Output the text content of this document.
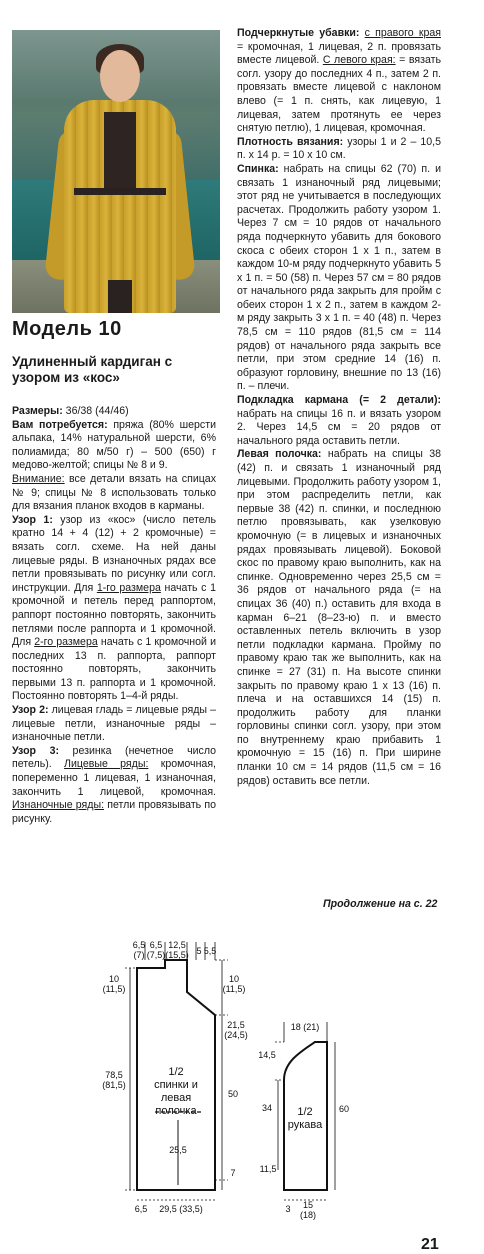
Модель 10
Удлиненный кардиган с узором из «кос»

Размеры: 36/38 (44/46)

Вам потребуется: пряжа (80% шерсти альпака, 14% натуральной шерсти, 6% полиамида; 80 м/50 г) – 500 (650) г медово-желтой; спицы № 8 и 9.

Внимание: все детали вязать на спицах № 9; спицы № 8 использовать только для вязания планок входов в карманы.

Узор 1: узор из «кос» (число петель кратно 14 + 4 (12) + 2 кромочные) = вязать согл. схеме. На ней даны лицевые ряды. В изнаночных рядах все петли провязывать по рисунку или согл. инструкции. Для 1-го размера начать с 1 кромочной и петель перед раппортом, раппорт постоянно повторять, закончить петлями после раппорта и 1 кромочной. Для 2-го размера начать с 1 кромочной и последних 13 п. раппорта, раппорт постоянно повторять, закончить первыми 13 п. раппорта и 1 кромочной. Постоянно повторять 1–4-й ряды.

Узор 2: лицевая гладь = лицевые ряды – лицевые петли, изнаночные ряды – изнаночные петли.

Узор 3: резинка (нечетное число петель). Лицевые ряды: кромочная, попеременно 1 лицевая, 1 изнаночная, закончить 1 лицевой, кромочная. Изнаночные ряды: петли провязывать по рисунку.

Подчеркнутые убавки: с правого края = кромочная, 1 лицевая, 2 п. провязать вместе лицевой. С левого края: = вязать согл. узору до последних 4 п., затем 2 п. провязать вместе лицевой с наклоном влево (= 1 п. снять, как лицевую, 1 лицевая, затем протянуть ее через снятую петлю), 1 лицевая, кромочная.

Плотность вязания: узоры 1 и 2 – 10,5 п. х 14 р. = 10 х 10 см.

Спинка: набрать на спицы 62 (70) п. и связать 1 изнаночный ряд лицевыми; этот ряд не учитывается в последующих расчетах. Продолжить работу узором 1. Через 7 см = 10 рядов от начального ряда подчеркнуто убавить для бокового скоса с обеих сторон 1 х 1 п., затем в каждом 10-м ряду подчеркнуто убавить 5 х 1 п. = 50 (58) п. Через 57 см = 80 рядов от начального ряда закрыть для пройм с обеих сторон 1 х 2 п., затем в каждом 2-м ряду закрыть 3 х 1 п. = 40 (48) п. Через 78,5 см = 110 рядов (81,5 см = 114 рядов) от начального ряда закрыть все петли, при этом средние 14 (16) п. образуют горловину, внешние по 13 (16) п. – плечи.

Подкладка кармана (= 2 детали): набрать на спицы 16 п. и вязать узором 2. Через 14,5 см = 20 рядов от начального ряда оставить петли.

Левая полочка: набрать на спицы 38 (42) п. и связать 1 изнаночный ряд лицевыми. Продолжить работу узором 1, при этом распределить петли, как первые 38 (42) п. спинки, и последнюю петлю провязывать, как узелковую кромочную (= в лицевых и изнаночных рядах провязывать лицевой). Боковой скос по правому краю выполнить, как на спинке. Одновременно через 25,5 см = 36 рядов от начального ряда (= на спицах 36 (40) п.) оставить для входа в карман 6–21 (8–23-ю) п. и вместо оставленных петель включить в узор петли подкладки кармана. Пройму по правому краю так же выполнить, как на спинке = 27 (31) п. На высоте спинки закрыть по правому краю 1 х 13 (16) п. плеча и на оставшихся 14 (15) п. продолжить работу для планки горловины спинки согл. узору, при этом по внутреннему краю прибавить 1 кромочную = 15 (16) п. При ширине планки 10 см = 14 рядов (11,5 см = 16 рядов) оставить все петли.

Продолжение на с. 22
1/2
спинки и
левая
полочка	1/2
рукава
6,5
(7)
6,5
(7,5)
12,5
(15,5) 5 5,5
10
(11,5)
78,5
(81,5)
10
(11,5)
21,5
(24,5)
50
7
25,5
6,5 29,5 (33,5)
18 (21)
14,5
34
11,5
60
3 15
(18)
21
